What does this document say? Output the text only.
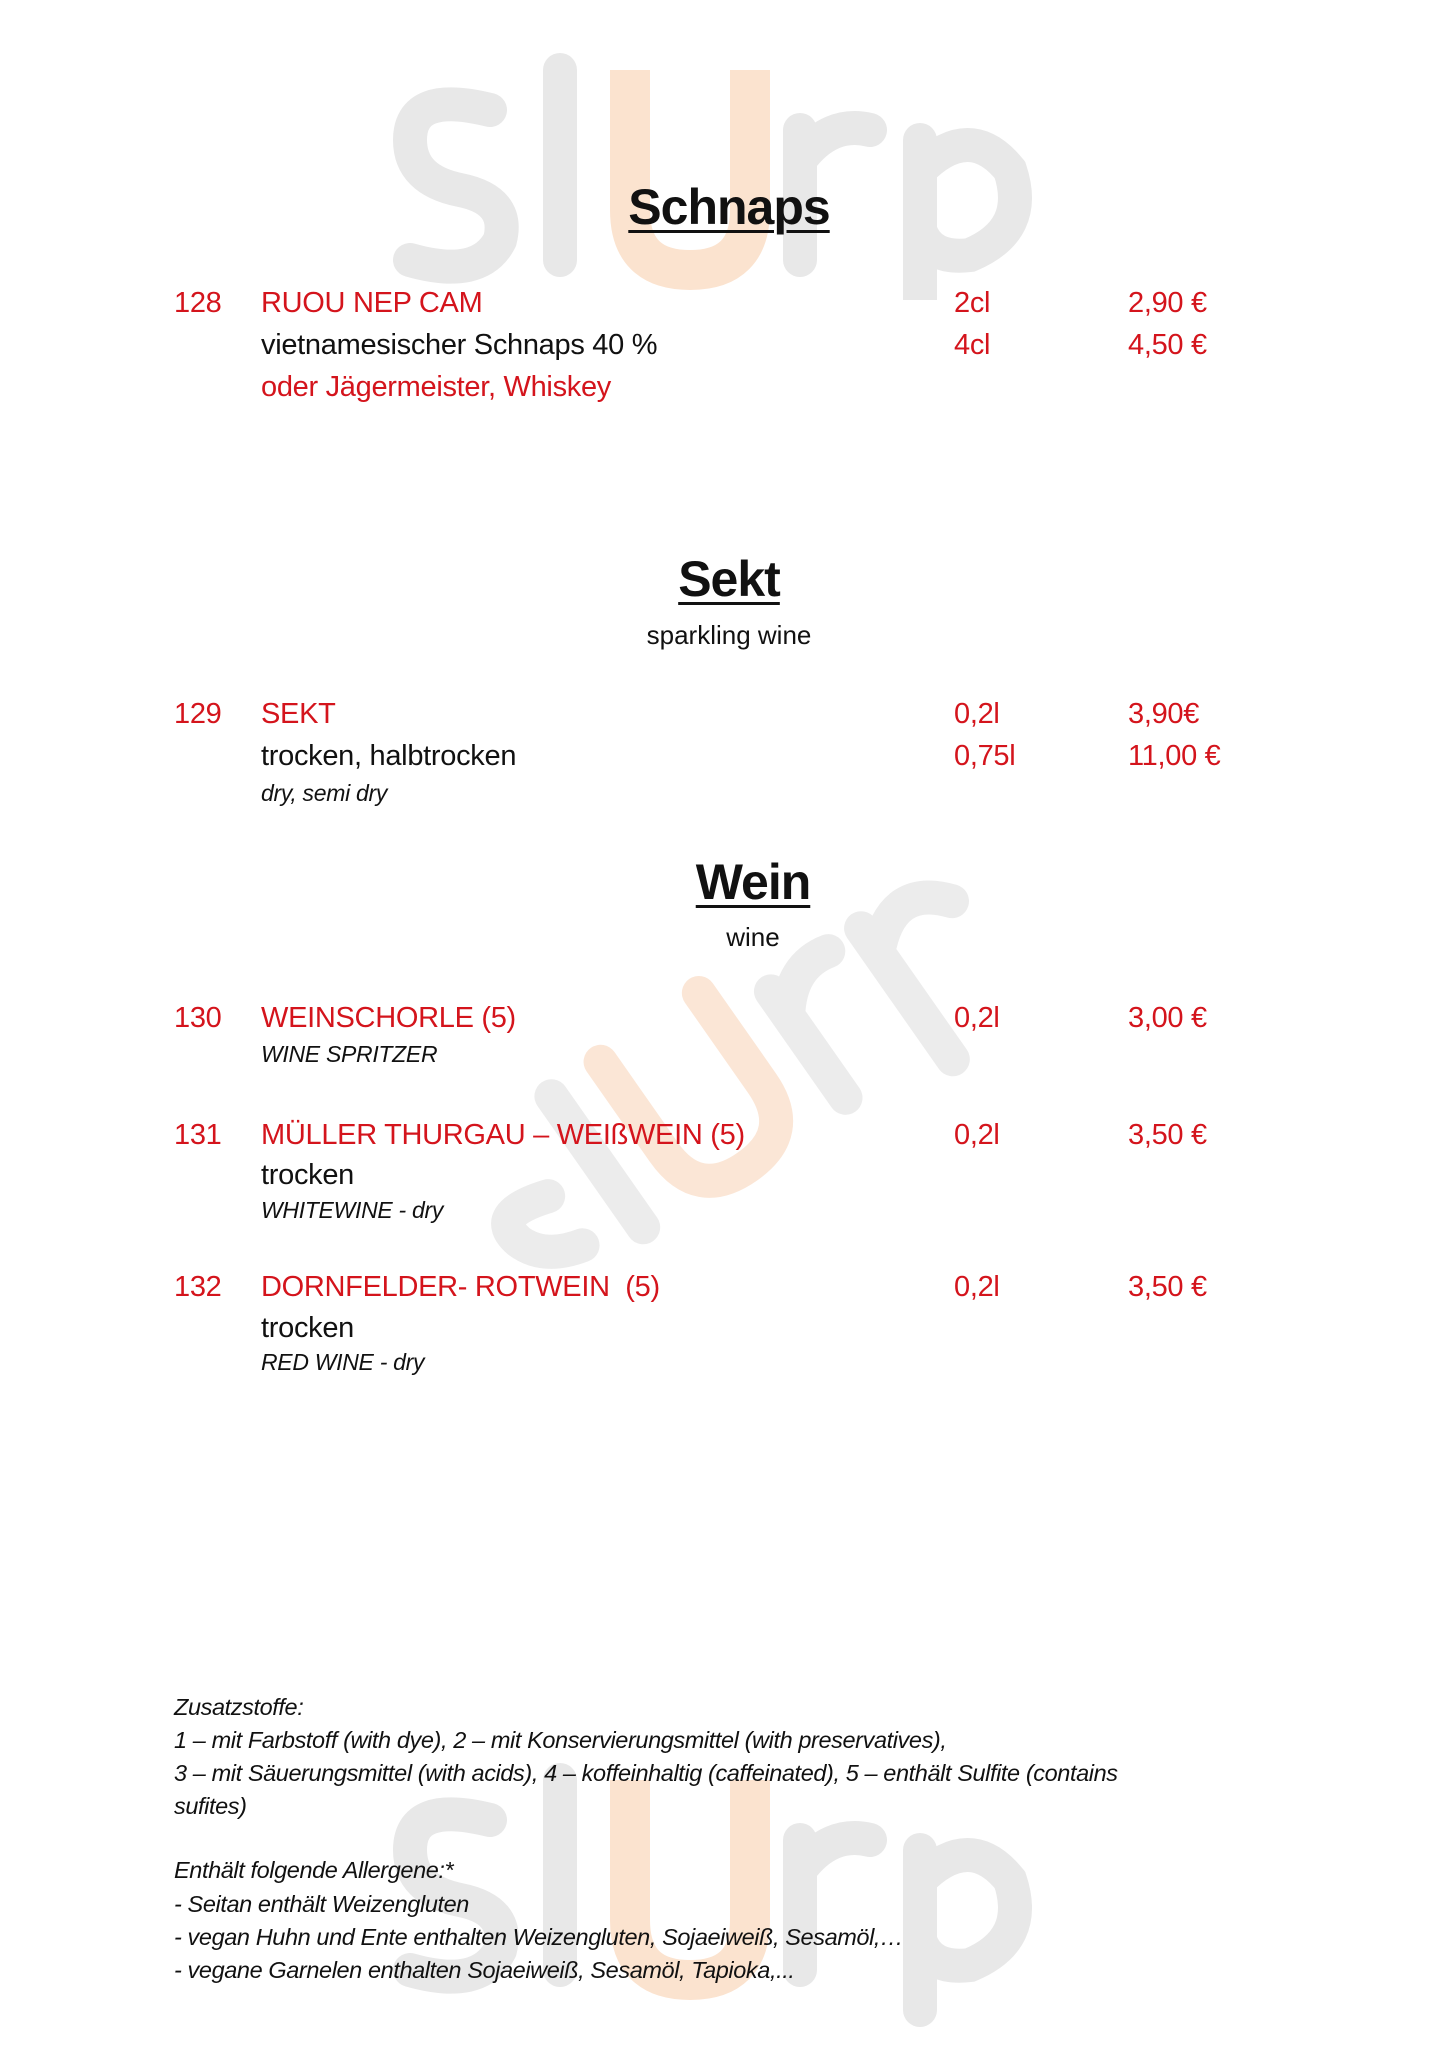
Schnaps
128 RUOU NEP CAM	2cl	2,90 €
vietnamesischer Schnaps 40 %	4cl	4,50 €
oder Jägermeister, Whiskey
Sekt
sparkling wine
129 SEKT	0,2l	3,90€
trocken, halbtrocken	0,75l	11,00 €
dry, semi dry
Wein
wine
130 WEINSCHORLE (5)	0,2l	3,00 €
WINE SPRITZER
131 MÜLLER THURGAU – WEIßWEIN (5)	0,2l	3,50 €
trocken
WHITEWINE - dry
132 DORNFELDER- ROTWEIN  (5)	0,2l	3,50 €
trocken
RED WINE - dry
Zusatzstoffe:
1 – mit Farbstoff (with dye), 2 – mit Konservierungsmittel (with preservatives),
3 – mit Säuerungsmittel (with acids), 4 – koffeinhaltig (caffeinated), 5 – enthält Sulfite (contains
sufites)
Enthält folgende Allergene:*
- Seitan enthält Weizengluten
- vegan Huhn und Ente enthalten Weizengluten, Sojaeiweiß, Sesamöl,…
- vegane Garnelen enthalten Sojaeiweiß, Sesamöl, Tapioka,...
